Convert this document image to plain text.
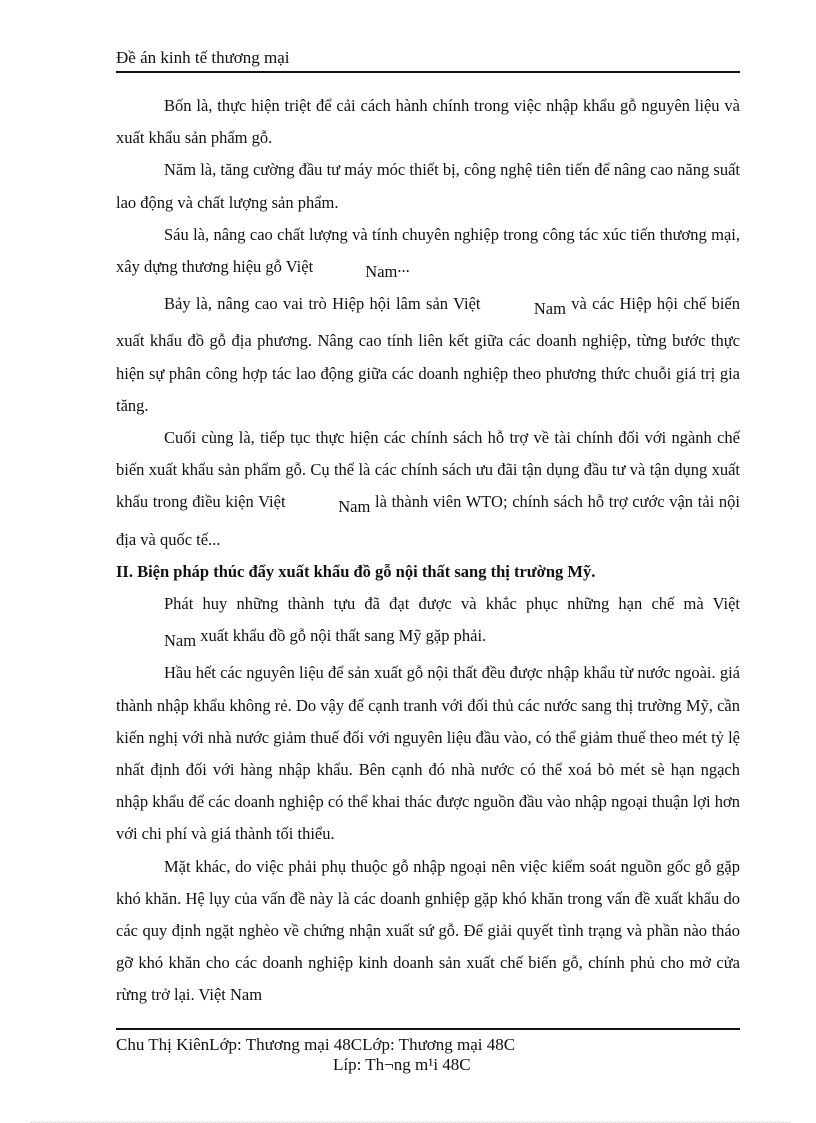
Đề án kinh tế thương mại

Bốn là, thực hiện triệt để cải cách hành chính trong việc nhập khẩu gỗ nguyên liệu và xuất khẩu sản phẩm gỗ.

Năm là, tăng cường đầu tư máy móc thiết bị, công nghệ tiên tiến để nâng cao năng suất lao động và chất lượng sản phẩm.

Sáu là, nâng cao chất lượng và tính chuyên nghiệp trong công tác xúc tiến thương mại, xây dựng thương hiệu gỗ Việt	Nam...

Bảy là, nâng cao vai trò Hiệp hội lâm sản Việt	Nam và các Hiệp hội chế biến xuất khẩu đồ gỗ địa phương. Nâng cao tính liên kết giữa các doanh nghiệp, từng bước thực hiện sự phân công hợp tác lao động giữa các doanh nghiệp theo phương thức chuỗi giá trị gia tăng.

Cuối cùng là, tiếp tục thực hiện các chính sách hỗ trợ về tài chính đối với ngành chế biến xuất khẩu sản phẩm gỗ. Cụ thể là các chính sách ưu đãi tận dụng đầu tư và tận dụng xuất khẩu trong điều kiện Việt	Nam là thành viên WTO; chính sách hỗ trợ cước vận tải nội địa và quốc tế...

II. Biện pháp thúc đẩy xuất khẩu đồ gỗ nội thất sang thị trường Mỹ.

Phát huy những thành tựu đã đạt được và khắc phục những hạn chế mà Việt Nam xuất khẩu đồ gỗ nội thất sang Mỹ gặp phải.

Hầu hết các nguyên liệu để sản xuất gỗ nội thất đều được nhập khẩu từ nước ngoài. giá thành nhập khẩu không rẻ. Do vậy để cạnh tranh với đối thủ các nước sang thị trường Mỹ, cần kiến nghị với nhà nước giảm thuế đối với nguyên liệu đầu vào, có thể giảm thuế theo mét tỷ lệ nhất định đối với hàng nhập khẩu. Bên cạnh đó nhà nước có thể xoá bỏ mét sè hạn ngạch nhập khẩu để các doanh nghiệp có thể khai thác được nguồn đầu vào nhập ngoại thuận lợi hơn với chi phí và giá thành tối thiểu.

Mặt khác, do việc phải phụ thuộc gỗ nhập ngoại nên việc kiểm soát nguồn gốc gỗ gặp khó khăn. Hệ lụy của vấn đề này là các doanh gnhiệp gặp khó khăn trong vấn đề xuất khẩu do các quy định ngặt nghèo về chứng nhận xuất sứ gỗ. Để giải quyết tình trạng và phần nào tháo gỡ khó khăn cho các doanh nghiệp kinh doanh sản xuất chế biến gỗ, chính phủ cho mở cửa rừng trở lại. Việt Nam

Chu Thị KiênLớp: Thương mại 48CLớp: Thương mại 48C
Líp: Th¬ng m¹i 48C
